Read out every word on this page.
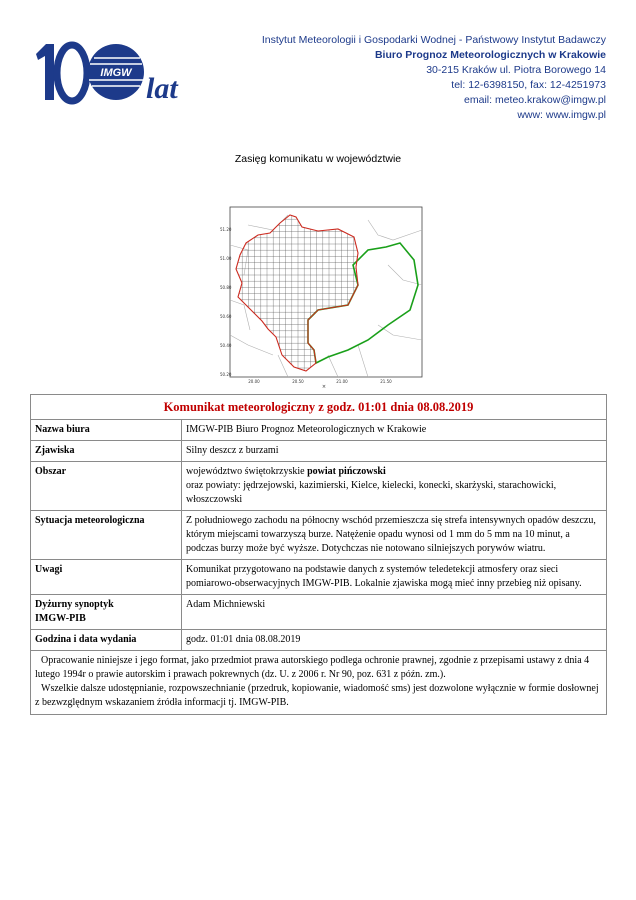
IMGW lat
Instytut Meteorologii i Gospodarki Wodnej - Państwowy Instytut Badawczy
Biuro Prognoz Meteorologicznych w Krakowie
30-215 Kraków ul. Piotra Borowego 14
tel: 12-6398150, fax: 12-4251973
email: meteo.krakow@imgw.pl
www: www.imgw.pl
Zasięg komunikatu w województwie
51.20
51.00
50.80
50.60
50.40
50.20
20.00	20.50	21.00	21.50
×
Komunikat meteorologiczny z godz. 01:01 dnia 08.08.2019	
Nazwa biura	IMGW-PIB Biuro Prognoz Meteorologicznych w Krakowie
Zjawiska	Silny deszcz z burzami
Obszar	województwo świętokrzyskie powiat pińczowski
oraz powiaty: jędrzejowski, kazimierski, Kielce, kielecki, konecki, skarżyski, starachowicki, włoszczowski
Sytuacja meteorologiczna	Z południowego zachodu na północny wschód przemieszcza się strefa intensywnych opadów deszczu, którym miejscami towarzyszą burze. Natężenie opadu wynosi od 1 mm do 5 mm na 10 minut, a podczas burzy może być wyższe. Dotychczas nie notowano silniejszych porywów wiatru.
Uwagi	Komunikat przygotowano na podstawie danych z systemów teledetekcji atmosfery oraz sieci pomiarowo-obserwacyjnych IMGW-PIB. Lokalnie zjawiska mogą mieć inny przebieg niż opisany.
Dyżurny synoptyk
IMGW-PIB	Adam Michniewski
Godzina i data wydania	godz. 01:01 dnia 08.08.2019

Opracowanie niniejsze i jego format, jako przedmiot prawa autorskiego podlega ochronie prawnej, zgodnie z przepisami ustawy z dnia 4 lutego 1994r o prawie autorskim i prawach pokrewnych (dz. U. z 2006 r. Nr 90, poz. 631 z późn. zm.).
Wszelkie dalsze udostępnianie, rozpowszechnianie (przedruk, kopiowanie, wiadomość sms) jest dozwolone wyłącznie w formie dosłownej z bezwzględnym wskazaniem źródła informacji tj. IMGW-PIB.	
